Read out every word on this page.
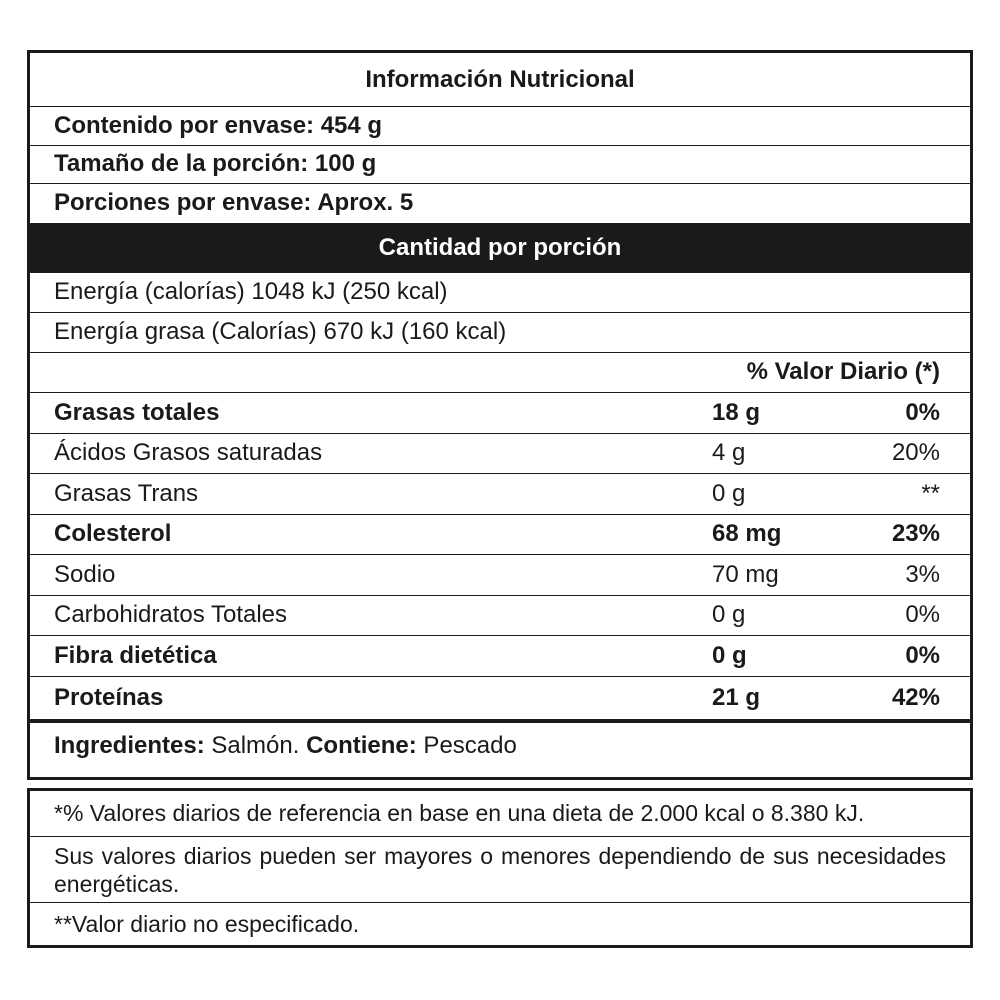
Información Nutricional
Contenido por envase: 454 g
Tamaño de la porción: 100 g
Porciones por envase: Aprox. 5
Cantidad por porción
Energía (calorías) 1048 kJ (250 kcal)
Energía grasa (Calorías) 670 kJ (160 kcal)
% Valor Diario (*)
Grasas totales	18 g	0%
Ácidos Grasos saturadas	4 g	20%
Grasas Trans	0 g	**
Colesterol	68 mg	23%
Sodio	70 mg	3%
Carbohidratos Totales	0 g	0%
Fibra dietética	0 g	0%
Proteínas	21 g	42%
Ingredientes: Salmón. Contiene: Pescado
*% Valores diarios de referencia en base en una dieta de 2.000 kcal o 8.380 kJ.
Sus valores diarios pueden ser mayores o menores dependiendo de sus necesidades energéticas.
**Valor diario no especificado.
